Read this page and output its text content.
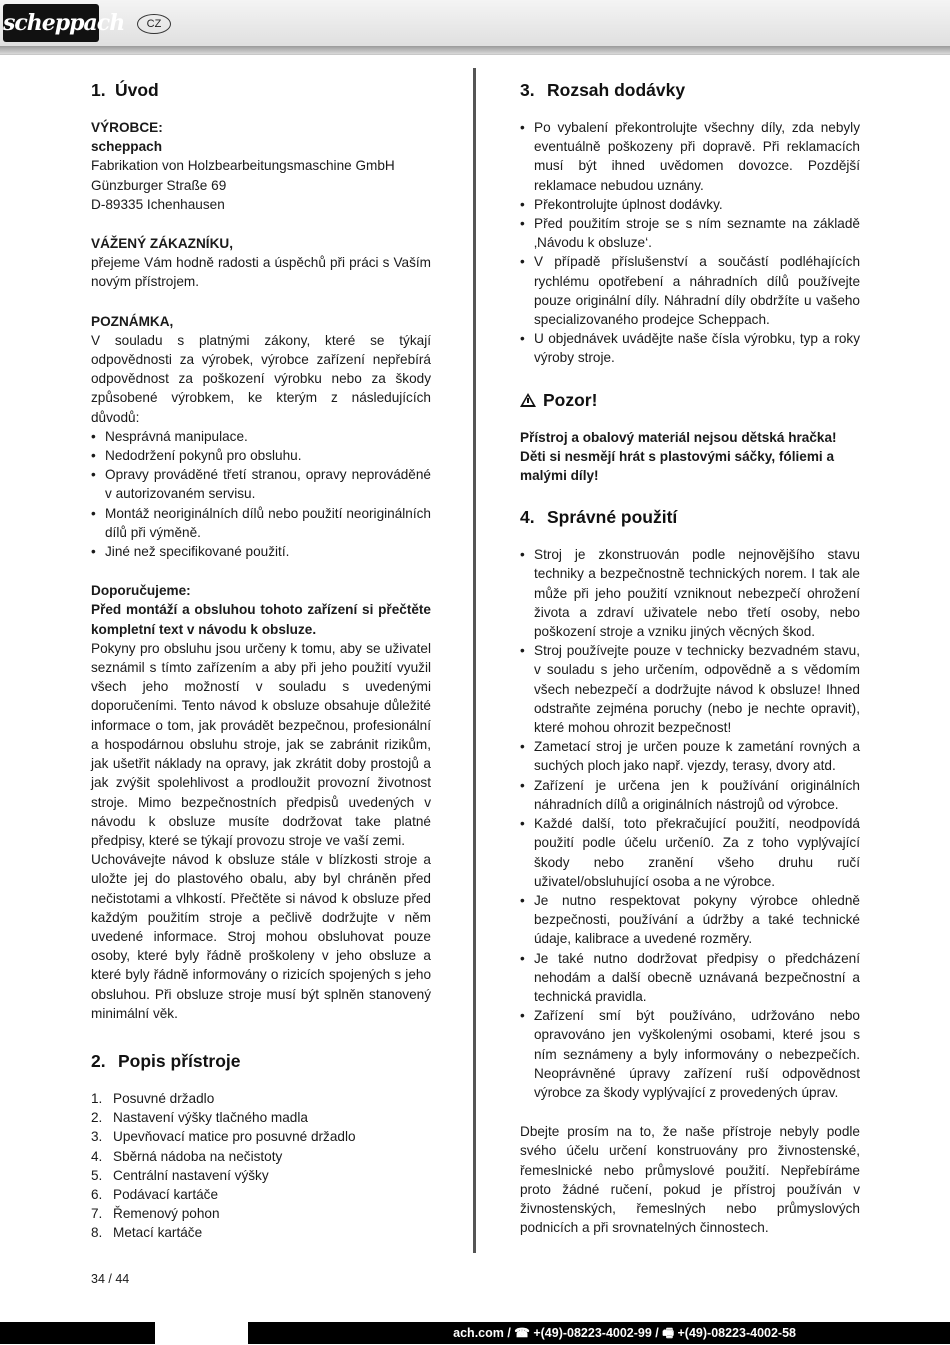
scheppach	CZ
1. Úvod

VÝROBCE:

scheppach

Fabrikation von Holzbearbeitungsmaschine GmbH

Günzburger Straße 69

D-89335 Ichenhausen

VÁŽENÝ ZÁKAZNÍKU,

přejeme Vám hodně radosti a úspěchů při práci s Vaším novým přístrojem.

POZNÁMKA,

V souladu s platnými zákony, které se týkají odpovědnosti za výrobek, výrobce zařízení nepřebírá odpovědnost za poškození výrobku nebo za škody způsobené výrobkem, ke kterým z následujících důvodů:

• Nesprávná manipulace.
• Nedodržení pokynů pro obsluhu.
• Opravy prováděné třetí stranou, opravy neprováděné v autorizovaném servisu.
• Montáž neoriginálních dílů nebo použití neoriginálních dílů při výměně.
• Jiné než specifikované použití.

Doporučujeme:

Před montáží a obsluhou tohoto zařízení si přečtěte kompletní text v návodu k obsluze.

Pokyny pro obsluhu jsou určeny k tomu, aby se uživatel seznámil s tímto zařízením a aby při jeho použití využil všech jeho možností v souladu s uvedenými doporučeními. Tento návod k obsluze obsahuje důležité informace o tom, jak provádět bezpečnou, profesionální a hospodárnou obsluhu stroje, jak se zabránit rizikům, jak ušetřit náklady na opravy, jak zkrátit doby prostojů a jak zvýšit spolehlivost a prodloužit provozní životnost stroje. Mimo bezpečnostních předpisů uvedených v návodu k obsluze musíte dodržovat take platné předpisy, které se týkají provozu stroje ve vaší zemi.

Uchovávejte návod k obsluze stále v blízkosti stroje a uložte jej do plastového obalu, aby byl chráněn před nečistotami a vlhkostí. Přečtěte si návod k obsluze před každým použitím stroje a pečlivě dodržujte v něm uvedené informace. Stroj mohou obsluhovat pouze osoby, které byly řádně proškoleny v jeho obsluze a které byly řádně informovány o rizicích spojených s jeho obsluhou. Při obsluze stroje musí být splněn stanovený minimální věk.

2. Popis přístroje
1. Posuvné držadlo
2. Nastavení výšky tlačného madla
3. Upevňovací matice pro posuvné držadlo
4. Sběrná nádoba na nečistoty
5. Centrální nastavení výšky
6. Podávací kartáče
7. Řemenový pohon
8. Metací kartáče
3. Rozsah dodávky
• Po vybalení překontrolujte všechny díly, zda nebyly eventuálně poškozeny při dopravě. Při reklamacích musí být ihned uvědomen dovozce. Pozdější reklamace nebudou uznány.
• Překontrolujte úplnost dodávky.
• Před použitím stroje se s ním seznamte na základě ‚Návodu k obsluze‘.
• V případě příslušenství a součástí podléhajících rychlému opotřebení a náhradních dílů používejte pouze originální díly. Náhradní díly obdržíte u vašeho specializovaného prodejce Scheppach.
• U objednávek uvádějte naše čísla výrobku, typ a roky výroby stroje.
Pozor!

Přístroj a obalový materiál nejsou dětská hračka! Děti si nesmějí hrát s plastovými sáčky, fóliemi a malými díly!

4. Správné použití
• Stroj je zkonstruován podle nejnovějšího stavu techniky a bezpečnostně technických norem. I tak ale může při jeho použití vzniknout nebezpečí ohrožení života a zdraví uživatele nebo třetí osoby, nebo poškození stroje a vzniku jiných věcných škod.
• Stroj používejte pouze v technicky bezvadném stavu, v souladu s jeho určením, odpovědně a s vědomím všech nebezpečí a dodržujte návod k obsluze! Ihned odstraňte zejména poruchy (nebo je nechte opravit), které mohou ohrozit bezpečnost!
• Zametací stroj je určen pouze k zametání rovných a suchých ploch jako např. vjezdy, terasy, dvory atd.
• Zařízení je určena jen k používání originálních náhradních dílů a originálních nástrojů od výrobce.
• Každé další, toto překračující použití, neodpovídá použití podle účelu určení0. Za z toho vyplývající škody nebo zranění všeho druhu ručí uživatel/obsluhující osoba a ne výrobce.
• Je nutno respektovat pokyny výrobce ohledně bezpečnosti, používání a údržby a také technické údaje, kalibrace a uvedené rozměry.
• Je také nutno dodržovat předpisy o předcházení nehodám a další obecně uznávaná bezpečnostní a technická pravidla.
• Zařízení smí být používáno, udržováno nebo opravováno jen vyškolenými osobami, které jsou s ním seznámeny a byly informovány o nebezpečích. Neoprávněné úpravy zařízení ruší odpovědnost výrobce za škody vyplývající z provedených úprav.

Dbejte prosím na to, že naše přístroje nebyly podle svého účelu určení konstruovány pro živnostenské, řemeslnické nebo průmyslové použití. Nepřebíráme proto žádné ručení, pokud je přístroj používán v živnostenských, řemeslných nebo průmyslových podnicích a při srovnatelných činnostech.

34 / 44
ach.com / ☎ +(49)-08223-4002-99 / 🖷 +(49)-08223-4002-58
